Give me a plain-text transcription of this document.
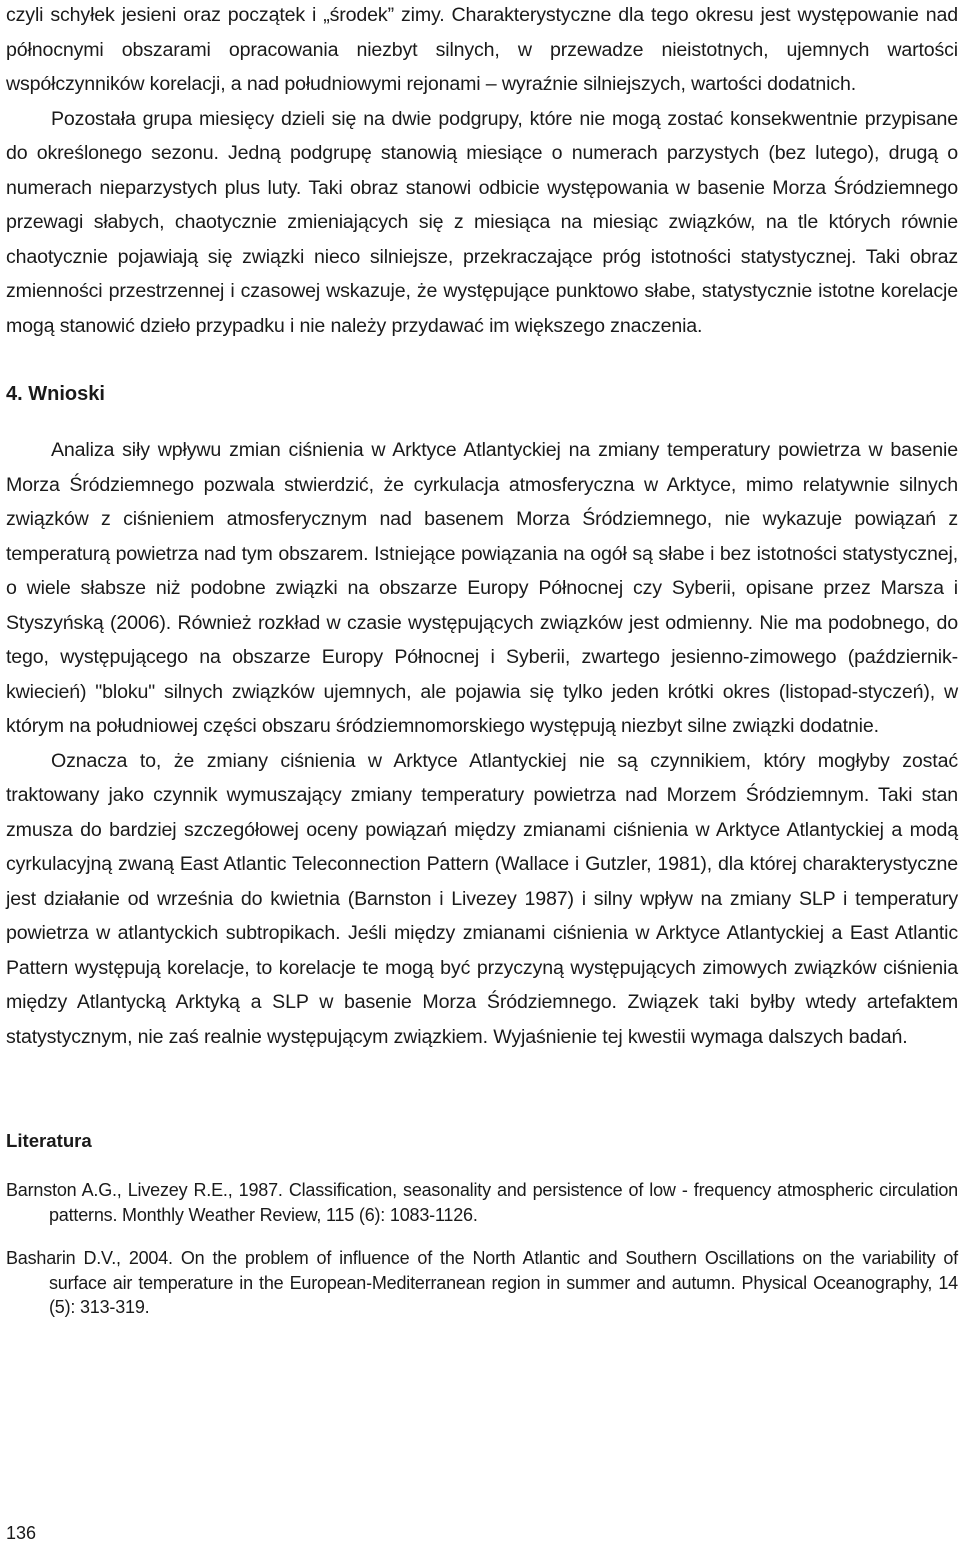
czyli schyłek jesieni oraz początek i „środek” zimy. Charakterystyczne dla tego okresu jest występowanie nad północnymi obszarami opracowania niezbyt silnych, w przewadze nieistotnych, ujemnych wartości współczynników korelacji, a nad południowymi rejonami – wyraźnie silniejszych, wartości dodatnich.

Pozostała grupa miesięcy dzieli się na dwie podgrupy, które nie mogą zostać konsekwentnie przypisane do określonego sezonu. Jedną podgrupę stanowią miesiące o numerach parzystych (bez lutego), drugą o numerach nieparzystych plus luty. Taki obraz stanowi odbicie występowania w basenie Morza Śródziemnego przewagi słabych, chaotycznie zmieniających się z miesiąca na miesiąc związków, na tle których równie chaotycznie pojawiają się związki nieco silniejsze, przekraczające próg istotności statystycznej. Taki obraz zmienności przestrzennej i czasowej wskazuje, że występujące punktowo słabe, statystycznie istotne korelacje mogą stanowić dzieło przypadku i nie należy przydawać im większego znaczenia.

4. Wnioski

Analiza siły wpływu zmian ciśnienia w Arktyce Atlantyckiej na zmiany temperatury powietrza w basenie Morza Śródziemnego pozwala stwierdzić, że cyrkulacja atmosferyczna w Arktyce, mimo relatywnie silnych związków z ciśnieniem atmosferycznym nad basenem Morza Śródziemnego, nie wykazuje powiązań z temperaturą powietrza nad tym obszarem. Istniejące powiązania na ogół są słabe i bez istotności statystycznej, o wiele słabsze niż podobne związki na obszarze Europy Północnej czy Syberii, opisane przez Marsza i Styszyńską (2006). Również rozkład w czasie występujących związków jest odmienny. Nie ma podobnego, do tego, występującego na obszarze Europy Północnej i Syberii, zwartego jesienno-zimowego (październik-kwiecień) "bloku" silnych związków ujemnych, ale pojawia się tylko jeden krótki okres (listopad-styczeń), w którym na południowej części obszaru śródziemnomorskiego występują niezbyt silne związki dodatnie.

Oznacza to, że zmiany ciśnienia w Arktyce Atlantyckiej nie są czynnikiem, który mogłyby zostać traktowany jako czynnik wymuszający zmiany temperatury powietrza nad Morzem Śródziemnym. Taki stan zmusza do bardziej szczegółowej oceny powiązań między zmianami ciśnienia w Arktyce Atlantyckiej a modą cyrkulacyjną zwaną East Atlantic Teleconnection Pattern (Wallace i Gutzler, 1981), dla której charakterystyczne jest działanie od września do kwietnia (Barnston i Livezey 1987) i silny wpływ na zmiany SLP i temperatury powietrza w atlantyckich subtropikach. Jeśli między zmianami ciśnienia w Arktyce Atlantyckiej a East Atlantic Pattern występują korelacje, to korelacje te mogą być przyczyną występujących zimowych związków ciśnienia między Atlantycką Arktyką a SLP w basenie Morza Śródziemnego. Związek taki byłby wtedy artefaktem statystycznym, nie zaś realnie występującym związkiem. Wyjaśnienie tej kwestii wymaga dalszych badań.

Literatura

Barnston A.G., Livezey R.E., 1987. Classification, seasonality and persistence of low - frequency atmospheric circulation patterns. Monthly Weather Review, 115 (6): 1083-1126.

Basharin D.V., 2004. On the problem of influence of the North Atlantic and Southern Oscillations on the variability of surface air temperature in the European-Mediterranean region in summer and autumn. Physical Oceanography, 14 (5): 313-319.

136
